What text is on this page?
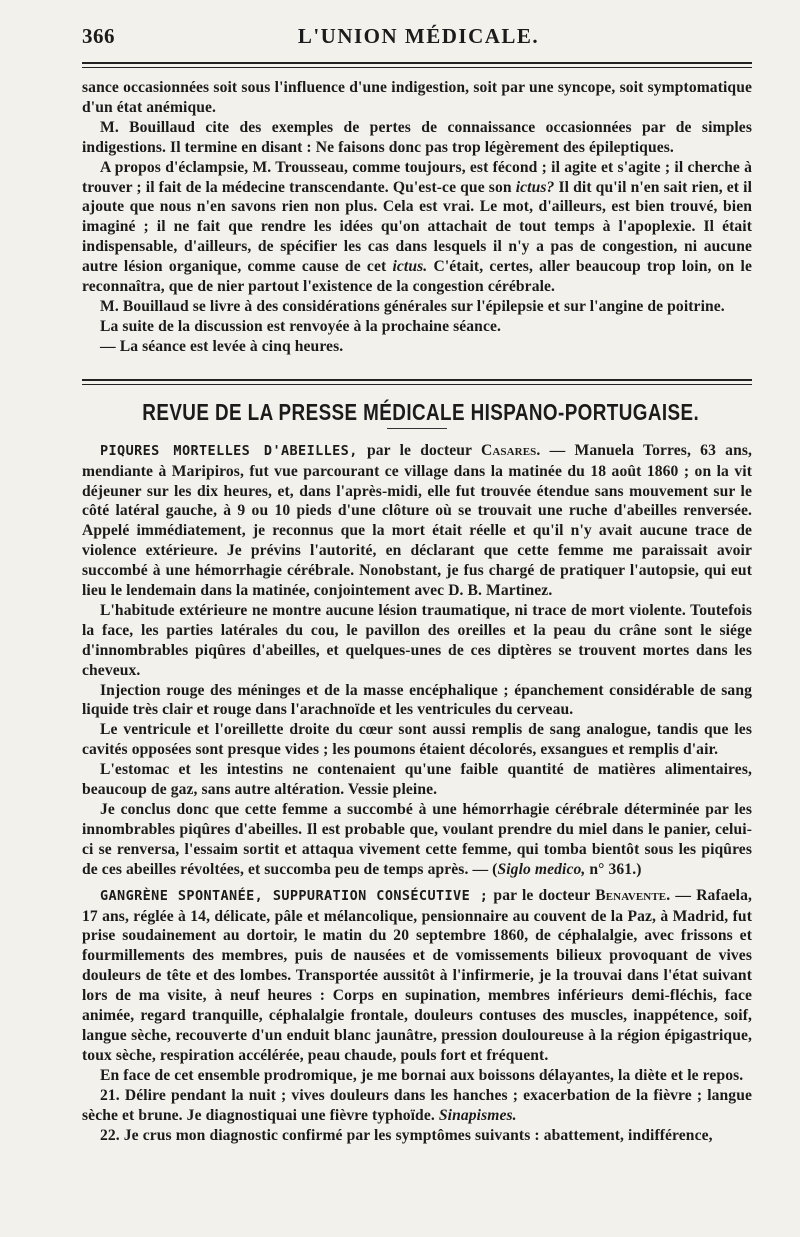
366	L'UNION MÉDICALE.

sance occasionnées soit sous l'influence d'une indigestion, soit par une syncope, soit symptomatique d'un état anémique.

M. Bouillaud cite des exemples de pertes de connaissance occasionnées par de simples indigestions. Il termine en disant : Ne faisons donc pas trop légèrement des épileptiques.

A propos d'éclampsie, M. Trousseau, comme toujours, est fécond ; il agite et s'agite ; il cherche à trouver ; il fait de la médecine transcendante. Qu'est-ce que son ictus? Il dit qu'il n'en sait rien, et il ajoute que nous n'en savons rien non plus. Cela est vrai. Le mot, d'ailleurs, est bien trouvé, bien imaginé ; il ne fait que rendre les idées qu'on attachait de tout temps à l'apoplexie. Il était indispensable, d'ailleurs, de spécifier les cas dans lesquels il n'y a pas de congestion, ni aucune autre lésion organique, comme cause de cet ictus. C'était, certes, aller beaucoup trop loin, on le reconnaîtra, que de nier partout l'existence de la congestion cérébrale.

M. Bouillaud se livre à des considérations générales sur l'épilepsie et sur l'angine de poitrine.

La suite de la discussion est renvoyée à la prochaine séance.

— La séance est levée à cinq heures.

REVUE DE LA PRESSE MÉDICALE HISPANO-PORTUGAISE.

PIQURES MORTELLES D'ABEILLES, par le docteur Casares. — Manuela Torres, 63 ans, mendiante à Maripiros, fut vue parcourant ce village dans la matinée du 18 août 1860 ; on la vit déjeuner sur les dix heures, et, dans l'après-midi, elle fut trouvée étendue sans mouvement sur le côté latéral gauche, à 9 ou 10 pieds d'une clôture où se trouvait une ruche d'abeilles renversée. Appelé immédiatement, je reconnus que la mort était réelle et qu'il n'y avait aucune trace de violence extérieure. Je prévins l'autorité, en déclarant que cette femme me paraissait avoir succombé à une hémorrhagie cérébrale. Nonobstant, je fus chargé de pratiquer l'autopsie, qui eut lieu le lendemain dans la matinée, conjointement avec D. B. Martinez.

L'habitude extérieure ne montre aucune lésion traumatique, ni trace de mort violente. Toutefois la face, les parties latérales du cou, le pavillon des oreilles et la peau du crâne sont le siége d'innombrables piqûres d'abeilles, et quelques-unes de ces diptères se trouvent mortes dans les cheveux.

Injection rouge des méninges et de la masse encéphalique ; épanchement considérable de sang liquide très clair et rouge dans l'arachnoïde et les ventricules du cerveau.

Le ventricule et l'oreillette droite du cœur sont aussi remplis de sang analogue, tandis que les cavités opposées sont presque vides ; les poumons étaient décolorés, exsangues et remplis d'air.

L'estomac et les intestins ne contenaient qu'une faible quantité de matières alimentaires, beaucoup de gaz, sans autre altération. Vessie pleine.

Je conclus donc que cette femme a succombé à une hémorrhagie cérébrale déterminée par les innombrables piqûres d'abeilles. Il est probable que, voulant prendre du miel dans le panier, celui-ci se renversa, l'essaim sortit et attaqua vivement cette femme, qui tomba bientôt sous les piqûres de ces abeilles révoltées, et succomba peu de temps après. — (Siglo medico, n° 361.)

GANGRÈNE SPONTANÉE, SUPPURATION CONSÉCUTIVE ; par le docteur Benavente. — Rafaela, 17 ans, réglée à 14, délicate, pâle et mélancolique, pensionnaire au couvent de la Paz, à Madrid, fut prise soudainement au dortoir, le matin du 20 septembre 1860, de céphalalgie, avec frissons et fourmillements des membres, puis de nausées et de vomissements bilieux provoquant de vives douleurs de tête et des lombes. Transportée aussitôt à l'infirmerie, je la trouvai dans l'état suivant lors de ma visite, à neuf heures : Corps en supination, membres inférieurs demi-fléchis, face animée, regard tranquille, céphalalgie frontale, douleurs contuses des muscles, inappétence, soif, langue sèche, recouverte d'un enduit blanc jaunâtre, pression douloureuse à la région épigastrique, toux sèche, respiration accélérée, peau chaude, pouls fort et fréquent.

En face de cet ensemble prodromique, je me bornai aux boissons délayantes, la diète et le repos.

21. Délire pendant la nuit ; vives douleurs dans les hanches ; exacerbation de la fièvre ; langue sèche et brune. Je diagnostiquai une fièvre typhoïde. Sinapismes.

22. Je crus mon diagnostic confirmé par les symptômes suivants : abattement, indifférence,
